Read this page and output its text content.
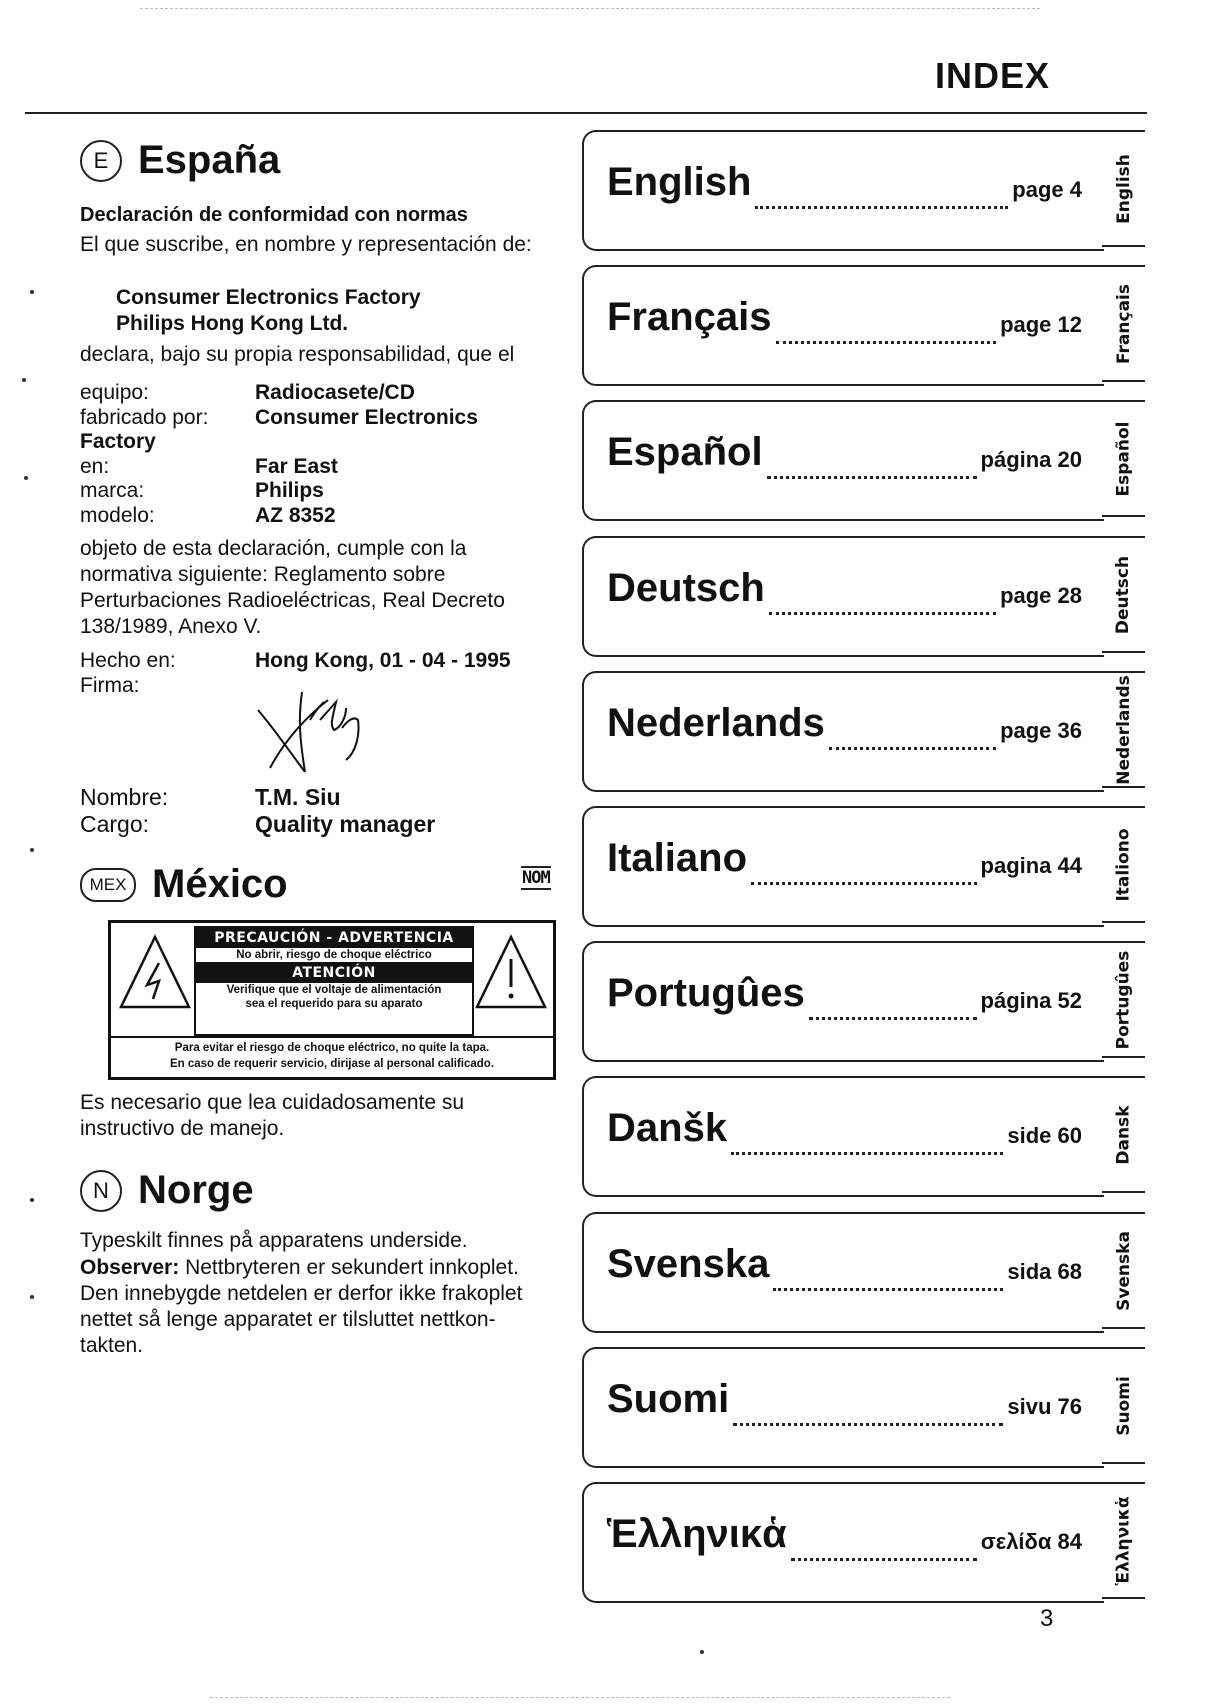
INDEX
E España
Declaración de conformidad con normas
El que suscribe, en nombre y representación de:
Consumer Electronics Factory
Philips Hong Kong Ltd.
declara, bajo su propia responsabilidad, que el
equipo:	Radiocasete/CD
fabricado por: Consumer Electronics
Factory
en:	Far East
marca:	Philips
modelo:	AZ 8352
objeto de esta declaración, cumple con la normativa siguiente: Reglamento sobre Perturbaciones Radioeléctricas, Real Decreto 138/1989, Anexo V.
Hecho en:	Hong Kong, 01 - 04 - 1995
Firma:
Nombre:	T.M. Siu
Cargo:	Quality manager
MEX México	NOM
PRECAUCIÓN - ADVERTENCIA
No abrir, riesgo de choque eléctrico
ATENCIÓN
Verifique que el voltaje de alimentación
sea el requerido para su aparato
Para evitar el riesgo de choque eléctrico, no quite la tapa.
En caso de requerir servicio, dirijase al personal calificado.
Es necesario que lea cuidadosamente su instructivo de manejo.
N Norge
Typeskilt finnes på apparatens underside.
Observer: Nettbryteren er sekundert innkoplet. Den innebygde netdelen er derfor ikke frakoplet nettet så lenge apparatet er tilsluttet nettkon-takten.
English	page 4 English
Français	page 12 Français
Español	página 20 Español
Deutsch	page 28 Deutsch
Nederlands	page 36 Nederlands
Italiano	pagina 44 Italiono
Portugûes	página 52 Portugûes
Danšk	side 60 Dansk
Svenska	sida 68 Svenska
Suomi	sivu 76 Suomi
Ἑλληνικἁ	σελίδα 84 Ἑλληνικἁ
3
